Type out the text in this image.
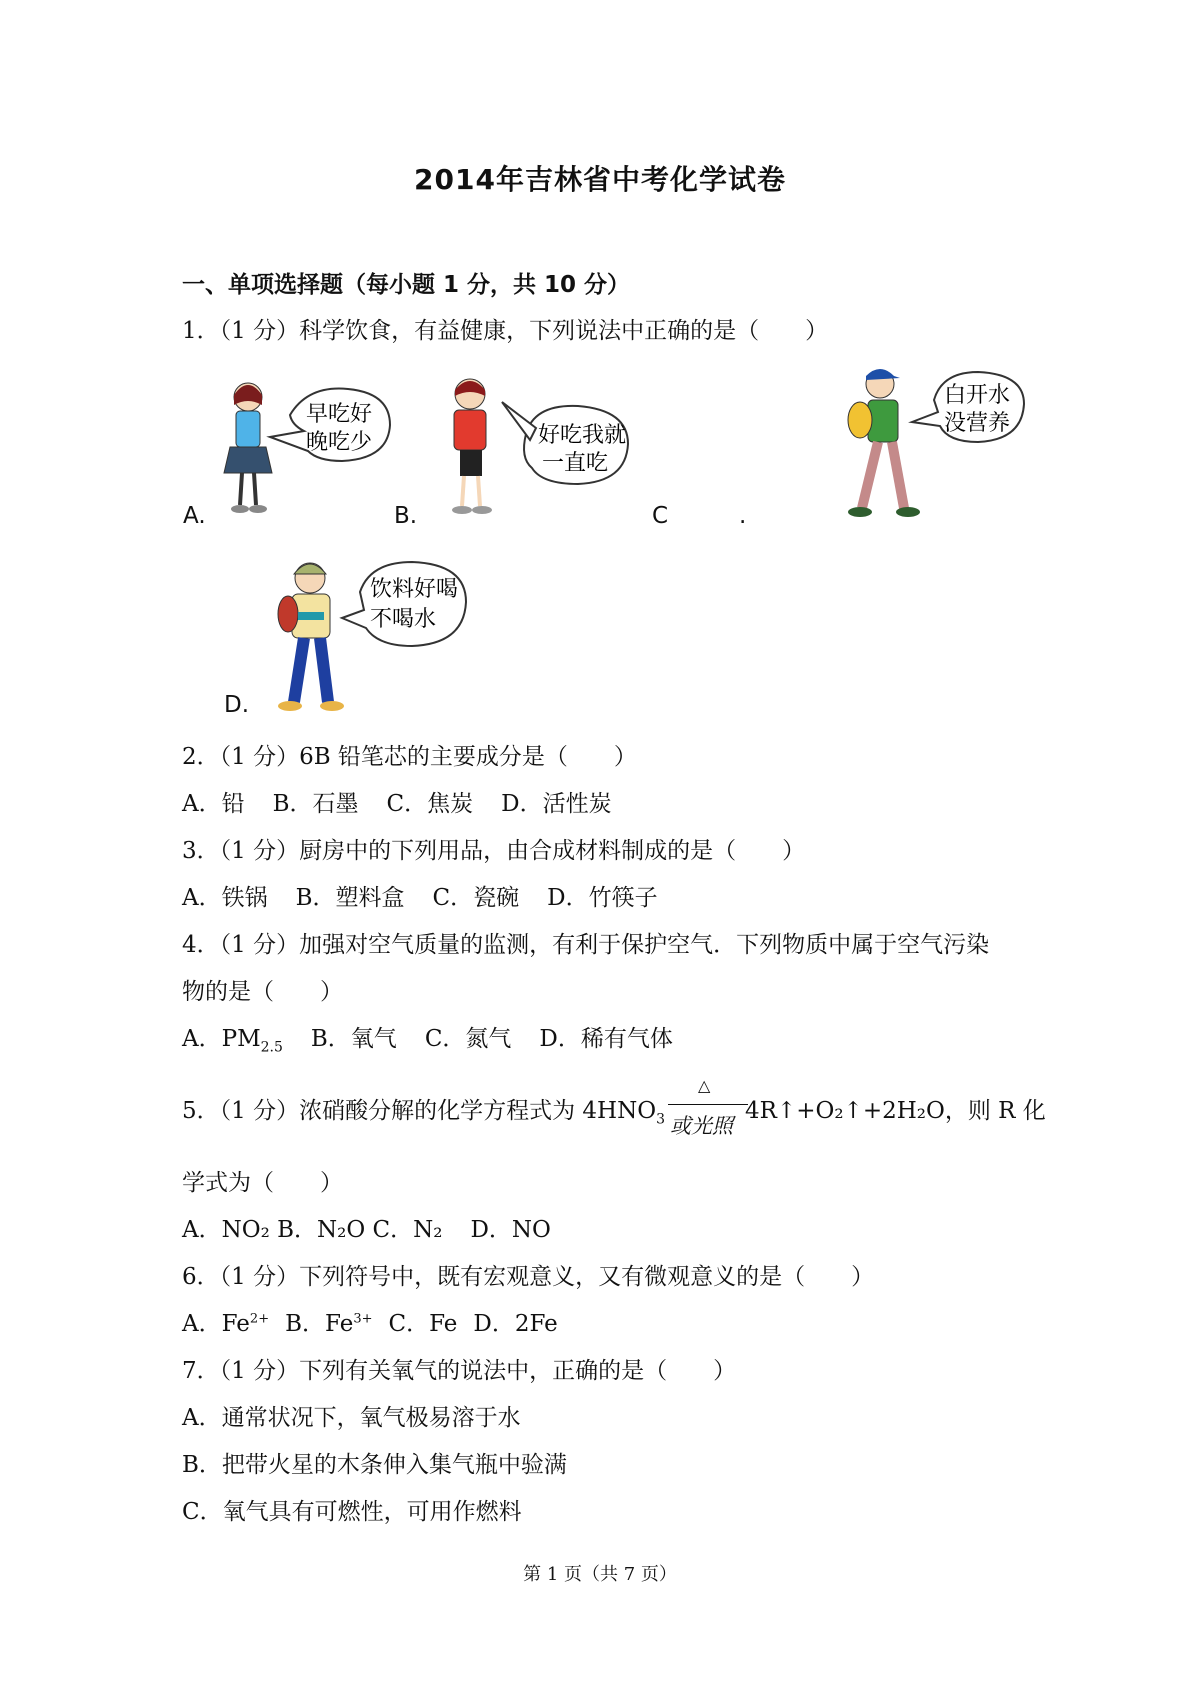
2014年吉林省中考化学试卷
一、单项选择题（每小题 1 分，共 10 分）
1．（1 分）科学饮食，有益健康，下列说法中正确的是（　　）
早吃好
晚吃少
A.
好吃我就
一直吃
B.	C	.
白开水
没营养
饮料好喝
不喝水
D.
2．（1 分）6B 铅笔芯的主要成分是（　　）
A．铅 B．石墨 C．焦炭 D．活性炭
3．（1 分）厨房中的下列用品，由合成材料制成的是（　　）
A．铁锅 B．塑料盒 C．瓷碗 D．竹筷子
4．（1 分）加强对空气质量的监测，有利于保护空气．下列物质中属于空气污染
物的是（　　）
A．$PM_{2.5}$ B．氧气 C．氮气 D．稀有气体
5．（1 分）浓硝酸分解的化学方程式为 $4HNO_3$	4R↑+O₂↑+2H₂O，则 R 化
△
或光照
学式为（　　）
A．NO₂ B．N₂O C．N₂ D．NO
6．（1 分）下列符号中，既有宏观意义，又有微观意义的是（　　）
A．$Fe^{2+}$ B．$Fe^{3+}$ C．Fe D．2Fe
7．（1 分）下列有关氧气的说法中，正确的是（　　）
A．通常状况下，氧气极易溶于水
B．把带火星的木条伸入集气瓶中验满
C．氧气具有可燃性，可用作燃料
第 1 页（共 7 页）
